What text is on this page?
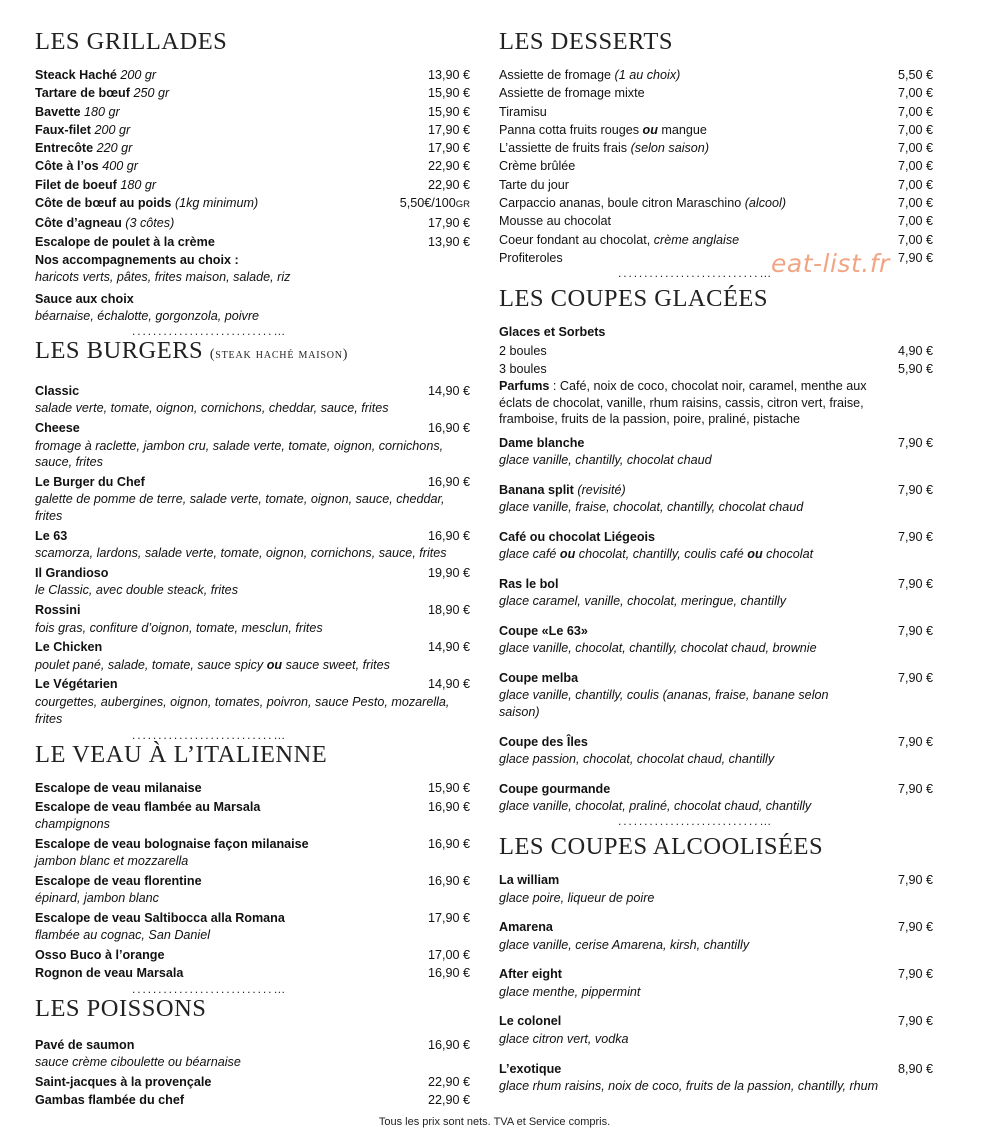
LES GRILLADES
Steack Haché 200 gr	13,90 €
Tartare de bœuf 250 gr	15,90 €
Bavette 180 gr	15,90 €
Faux-filet 200 gr	17,90 €
Entrecôte 220 gr	17,90 €
Côte à l’os 400 gr	22,90 €
Filet de boeuf 180 gr	22,90 €
Côte de bœuf au poids (1kg minimum)	5,50€/100GR
Côte d’agneau (3 côtes)	17,90 €
Escalope de poulet à la crème	13,90 €
Nos accompagnements au choix :
haricots verts, pâtes, frites maison, salade, riz
Sauce aux choix
béarnaise, échalotte, gorgonzola, poivre
...........................…
LES BURGERS (steak haché maison)
Classic	14,90 €
salade verte, tomate, oignon, cornichons, cheddar, sauce, frites
Cheese	16,90 €
fromage à raclette, jambon cru, salade verte, tomate, oignon, cornichons, sauce, frites
Le Burger du Chef	16,90 €
galette de pomme de terre, salade verte, tomate, oignon, sauce, cheddar, frites
Le 63	16,90 €
scamorza, lardons, salade verte, tomate, oignon, cornichons, sauce, frites
Il Grandioso	19,90 €
le Classic, avec double steack, frites
Rossini	18,90 €
fois gras, confiture d’oignon, tomate, mesclun, frites
Le Chicken	14,90 €
poulet pané, salade, tomate, sauce spicy ou sauce sweet, frites
Le Végétarien	14,90 €
courgettes, aubergines, oignon, tomates, poivron, sauce Pesto, mozarella, frites
...........................…
LE VEAU À L’ITALIENNE
Escalope de veau milanaise	15,90 €
Escalope de veau flambée au Marsala	16,90 €
champignons
Escalope de veau bolognaise façon milanaise	16,90 €
jambon blanc et mozzarella
Escalope de veau florentine	16,90 €
épinard, jambon blanc
Escalope de veau Saltibocca alla Romana	17,90 €
flambée au cognac, San Daniel
Osso Buco à l’orange	17,00 €
Rognon de veau Marsala	16,90 €
...........................…
LES POISSONS
Pavé de saumon	16,90 €
sauce crème ciboulette ou béarnaise
Saint-jacques à la provençale	22,90 €
Gambas flambée du chef	22,90 €
LES DESSERTS
Assiette de fromage (1 au choix)	5,50 €
Assiette de fromage mixte	7,00 €
Tiramisu	7,00 €
Panna cotta fruits rouges ou mangue	7,00 €
L’assiette de fruits frais (selon saison)	7,00 €
Crème brûlée	7,00 €
Tarte du jour	7,00 €
Carpaccio ananas, boule citron Maraschino (alcool)	7,00 €
Mousse au chocolat	7,00 €
Coeur fondant au chocolat, crème anglaise	7,00 €
Profiteroles	7,90 €
...........................…
LES COUPES GLACÉES
Glaces et Sorbets
2 boules	4,90 €
3 boules	5,90 €
Parfums : Café, noix de coco, chocolat noir, caramel, menthe aux éclats de chocolat, vanille, rhum raisins, cassis, citron vert, fraise, framboise, fruits de la passion, poire, praliné, pistache
Dame blanche	7,90 €
glace vanille, chantilly, chocolat chaud
Banana split (revisité)	7,90 €
glace vanille, fraise, chocolat, chantilly, chocolat chaud
Café ou chocolat Liégeois	7,90 €
glace café ou chocolat, chantilly, coulis café ou chocolat
Ras le bol	7,90 €
glace caramel, vanille, chocolat, meringue, chantilly
Coupe «Le 63»	7,90 €
glace vanille, chocolat, chantilly, chocolat chaud, brownie
Coupe melba	7,90 €
glace vanille, chantilly, coulis (ananas, fraise, banane selon saison)
Coupe des Îles	7,90 €
glace passion, chocolat, chocolat chaud, chantilly
Coupe gourmande	7,90 €
glace vanille, chocolat, praliné, chocolat chaud, chantilly
...........................…
LES COUPES ALCOOLISÉES
La william	7,90 €
glace poire, liqueur de poire
Amarena	7,90 €
glace vanille, cerise Amarena, kirsh, chantilly
After eight	7,90 €
glace menthe, pippermint
Le colonel	7,90 €
glace citron vert, vodka
L’exotique	8,90 €
glace rhum raisins, noix de coco, fruits de la passion, chantilly, rhum
eat-list.fr
Tous les prix sont nets. TVA et Service compris.
